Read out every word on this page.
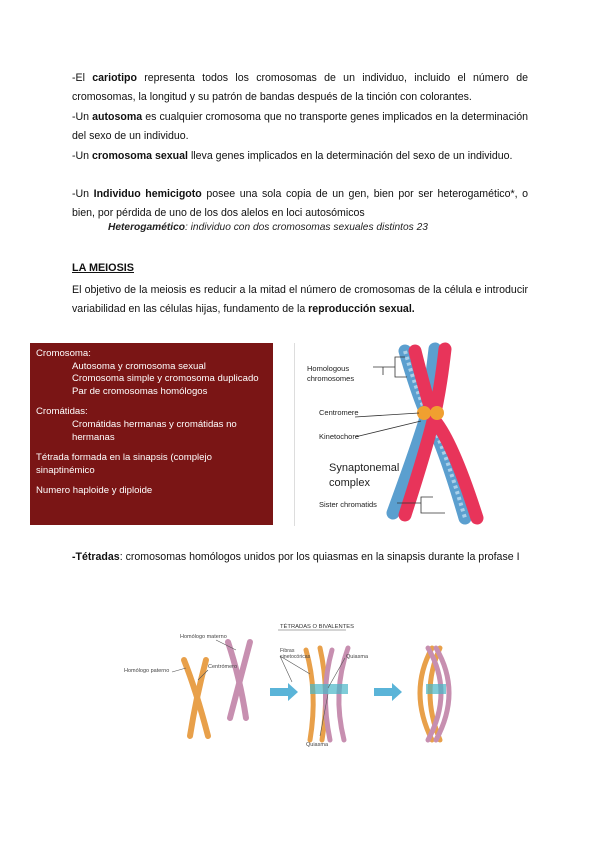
-El cariotipo representa todos los cromosomas de un individuo, incluido el número de cromosomas, la longitud y su patrón de bandas después de la tinción con colorantes.

-Un autosoma es cualquier cromosoma que no transporte genes implicados en la determinación del sexo de un individuo.

-Un cromosoma sexual lleva genes implicados en la determinación del sexo de un individuo.

-Un Individuo hemicigoto posee una sola copia de un gen, bien por ser heterogamético*, o bien, por pérdida de uno de los dos alelos en loci autosómicos

Heterogamético: individuo con dos cromosomas sexuales distintos 23
LA MEIOSIS

El objetivo de la meiosis es reducir a la mitad el número de cromosomas de la célula e introducir variabilidad en las células hijas, fundamento de la reproducción sexual.

Cromosoma:
Autosoma y cromosoma sexual
Cromosoma simple y cromosoma duplicado
Par de cromosomas homólogos
Cromátidas:
Cromátidas hermanas y cromátidas no hermanas
Tétrada formada en la sinapsis (complejo sinaptinémico
Numero haploide y diploide
Homologous
chromosomes
Centromere
Kinetochore
Synaptonemal
complex
Sister chromatids

-Tétradas: cromosomas homólogos unidos por los quiasmas en la sinapsis durante la profase I

Homólogo materno
Homólogo paterno
Centrómero
TÉTRADAS O BIVALENTES
Fibras
cinetocóricas	Quiasma
Quiasma
